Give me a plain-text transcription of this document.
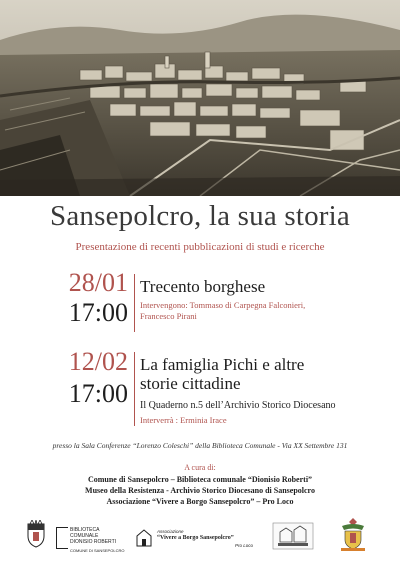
Sansepolcro, la sua storia
Presentazione di recenti pubblicazioni di studi e ricerche
28/01
17:00
Trecento borghese
Intervengono: Tommaso di Carpegna Falconieri,
Francesco Pirani
12/02
17:00
La famiglia Pichi e altre
storie cittadine
Il Quaderno n.5 dell’Archivio Storico Diocesano
Interverrà : Erminia Irace
presso la Sala Conferenze “Lorenzo Coleschi” della Biblioteca Comunale - Via XX Settembre 131
A cura di:
Comune di Sansepolcro – Biblioteca comunale “Dionisio Roberti”
Museo della Resistenza - Archivio Storico Diocesano di Sansepolcro
Associazione “Vivere a Borgo Sansepolcro” – Pro Loco
BIBLIOTECA COMUNALE
DIONISIO ROBERTI
COMUNE DI SANSEPOLCRO
Associazione
“Vivere a Borgo Sansepolcro”
Pro Loco
